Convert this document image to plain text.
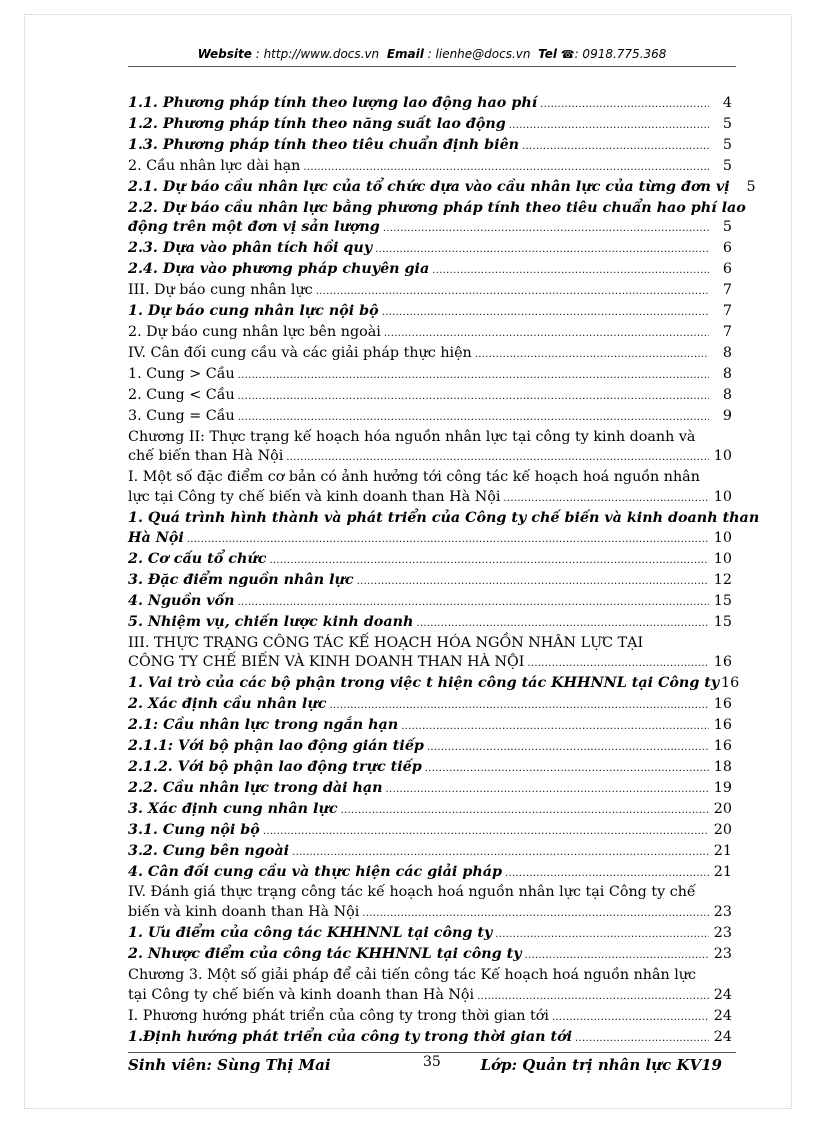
Website : http://www.docs.vn Email : lienhe@docs.vn Tel ☎: 0918.775.368
1.1. Phương pháp tính theo lượng lao động hao phí .....	4
1.2. Phương pháp tính theo năng suất lao động .....	5
1.3. Phương pháp tính theo tiêu chuẩn định biên .....	5
2. Cầu nhân lực dài hạn .....	5
2.1. Dự báo cầu nhân lực của tổ chức dựa vào cầu nhân lực của từng đơn vị	5
2.2. Dự báo cầu nhân lực bằng phương pháp tính theo tiêu chuẩn hao phí lao
động trên một đơn vị sản lượng .....	5
2.3. Dựa vào phân tích hồi quy .....	6
2.4. Dựa vào phương pháp chuyên gia .....	6
III. Dự báo cung nhân lực .....	7
1. Dự báo cung nhân lực nội bộ .....	7
2. Dự báo cung nhân lực bên ngoài .....	7
IV. Cân đối cung cầu và các giải pháp thực hiện .....	8
1. Cung > Cầu .....	8
2. Cung < Cầu .....	8
3. Cung = Cầu .....	9
Chương II: Thực trạng kế hoạch hóa nguồn nhân lực tại công ty kinh doanh và
chế biến than Hà Nội .....	10
I. Một số đặc điểm cơ bản có ảnh hưởng tới công tác kế hoạch hoá nguồn nhân
lực tại Công ty chế biến và kinh doanh than Hà Nội .....	10
1. Quá trình hình thành và phát triển của Công ty chế biến và kinh doanh than
Hà Nội .....	10
2. Cơ cấu tổ chức .....	10
3. Đặc điểm nguồn nhân lực .....	12
4. Nguồn vốn .....	15
5. Nhiệm vụ, chiến lược kinh doanh .....	15
III. THỰC TRẠNG CÔNG TÁC KẾ HOẠCH HÓA NGỒN NHÂN LỰC TẠI
CÔNG TY CHẾ BIẾN VÀ KINH DOANH THAN HÀ NỘI .....	16
1. Vai trò của các bộ phận trong việc t hiện công tác KHHNNL tại Công ty 16
2. Xác định cầu nhân lực .....	16
2.1: Cầu nhân lực trong ngắn hạn .....	16
2.1.1: Với bộ phận lao động gián tiếp .....	16
2.1.2. Với bộ phận lao động trực tiếp .....	18
2.2. Cầu nhân lực trong dài hạn .....	19
3. Xác định cung nhân lực .....	20
3.1. Cung nội bộ .....	20
3.2. Cung bên ngoài .....	21
4. Cân đối cung cầu và thực hiện các giải pháp .....	21
IV. Đánh giá thực trạng công tác kế hoạch hoá nguồn nhân lực tại Công ty chế
biến và kinh doanh than Hà Nội .....	23
1. Ưu điểm của công tác KHHNNL tại công ty .....	23
2. Nhược điểm của công tác KHHNNL tại công ty .....	23
Chương 3. Một số giải pháp để cải tiến công tác Kế hoạch hoá nguồn nhân lực
tại Công ty chế biến và kinh doanh than Hà Nội .....	24
I. Phương hướng phát triển của công ty trong thời gian tới .....	24
1.Định hướng phát triển của công ty trong thời gian tới .....	24
Sinh viên: Sùng Thị Mai	35	Lớp: Quản trị nhân lực KV19
